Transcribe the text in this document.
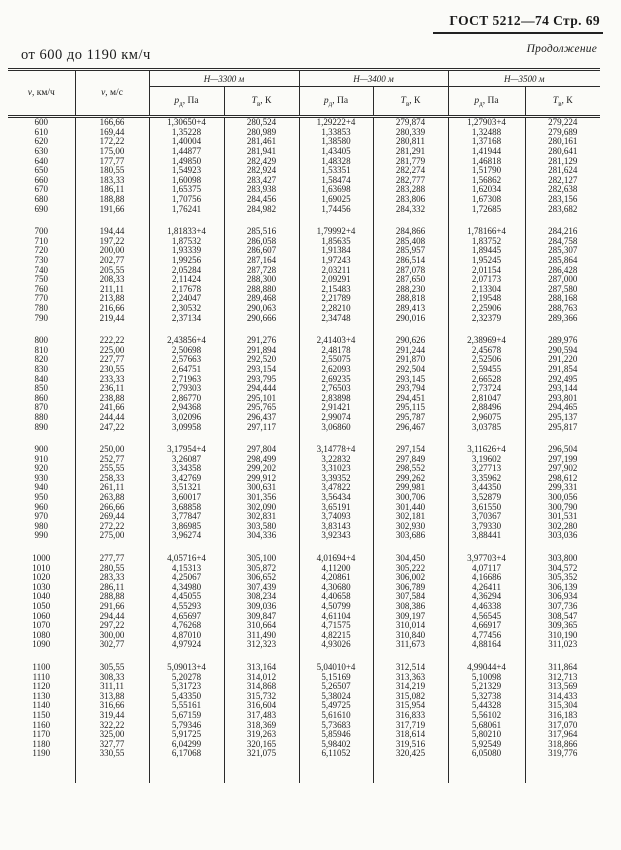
ГОСТ 5212—74 Стр. 69
Продолжение
от 600 до 1190 км/ч
v, км/ч	v, м/с	Н—3300 м		Н—3400 м		Н—3500 м	
		$р_д$, Па	$Т_в$, К	$р_д$, Па	$Т_в$, К	$р_д$, Па	$Т_в$, К
600	166,66	1,30650+4	280,524	1,29222+4	279,874	1,27903+4	279,224
610	169,44	1,35228	280,989	1,33853	280,339	1,32488	279,689
620	172,22	1,40004	281,461	1,38580	280,811	1,37168	280,161
630	175,00	1,44877	281,941	1,43405	281,291	1,41944	280,641
640	177,77	1,49850	282,429	1,48328	281,779	1,46818	281,129
650	180,55	1,54923	282,924	1,53351	282,274	1,51790	281,624
660	183,33	1,60098	283,427	1,58474	282,777	1,56862	282,127
670	186,11	1,65375	283,938	1,63698	283,288	1,62034	282,638
680	188,88	1,70756	284,456	1,69025	283,806	1,67308	283,156
690	191,66	1,76241	284,982	1,74456	284,332	1,72685	283,682

700	194,44	1,81833+4	285,516	1,79992+4	284,866	1,78166+4	284,216
710	197,22	1,87532	286,058	1,85635	285,408	1,83752	284,758
720	200,00	1,93339	286,607	1,91384	285,957	1,89445	285,307
730	202,77	1,99256	287,164	1,97243	286,514	1,95245	285,864
740	205,55	2,05284	287,728	2,03211	287,078	2,01154	286,428
750	208,33	2,11424	288,300	2,09291	287,650	2,07173	287,000
760	211,11	2,17678	288,880	2,15483	288,230	2,13304	287,580
770	213,88	2,24047	289,468	2,21789	288,818	2,19548	288,168
780	216,66	2,30532	290,063	2,28210	289,413	2,25906	288,763
790	219,44	2,37134	290,666	2,34748	290,016	2,32379	289,366

800	222,22	2,43856+4	291,276	2,41403+4	290,626	2,38969+4	289,976
810	225,00	2,50698	291,894	2,48178	291,244	2,45678	290,594
820	227,77	2,57663	292,520	2,55075	291,870	2,52506	291,220
830	230,55	2,64751	293,154	2,62093	292,504	2,59455	291,854
840	233,33	2,71963	293,795	2,69235	293,145	2,66528	292,495
850	236,11	2,79303	294,444	2,76503	293,794	2,73724	293,144
860	238,88	2,86770	295,101	2,83898	294,451	2,81047	293,801
870	241,66	2,94368	295,765	2,91421	295,115	2,88496	294,465
880	244,44	3,02096	296,437	2,99074	295,787	2,96075	295,137
890	247,22	3,09958	297,117	3,06860	296,467	3,03785	295,817

900	250,00	3,17954+4	297,804	3,14778+4	297,154	3,11626+4	296,504
910	252,77	3,26087	298,499	3,22832	297,849	3,19602	297,199
920	255,55	3,34358	299,202	3,31023	298,552	3,27713	297,902
930	258,33	3,42769	299,912	3,39352	299,262	3,35962	298,612
940	261,11	3,51321	300,631	3,47822	299,981	3,44350	299,331
950	263,88	3,60017	301,356	3,56434	300,706	3,52879	300,056
960	266,66	3,68858	302,090	3,65191	301,440	3,61550	300,790
970	269,44	3,77847	302,831	3,74093	302,181	3,70367	301,531
980	272,22	3,86985	303,580	3,83143	302,930	3,79330	302,280
990	275,00	3,96274	304,336	3,92343	303,686	3,88441	303,036

1000	277,77	4,05716+4	305,100	4,01694+4	304,450	3,97703+4	303,800
1010	280,55	4,15313	305,872	4,11200	305,222	4,07117	304,572
1020	283,33	4,25067	306,652	4,20861	306,002	4,16686	305,352
1030	286,11	4,34980	307,439	4,30680	306,789	4,26411	306,139
1040	288,88	4,45055	308,234	4,40658	307,584	4,36294	306,934
1050	291,66	4,55293	309,036	4,50799	308,386	4,46338	307,736
1060	294,44	4,65697	309,847	4,61104	309,197	4,56545	308,547
1070	297,22	4,76268	310,664	4,71575	310,014	4,66917	309,365
1080	300,00	4,87010	311,490	4,82215	310,840	4,77456	310,190
1090	302,77	4,97924	312,323	4,93026	311,673	4,88164	311,023

1100	305,55	5,09013+4	313,164	5,04010+4	312,514	4,99044+4	311,864
1110	308,33	5,20278	314,012	5,15169	313,363	5,10098	312,713
1120	311,11	5,31723	314,868	5,26507	314,219	5,21329	313,569
1130	313,88	5,43350	315,732	5,38024	315,082	5,32738	314,433
1140	316,66	5,55161	316,604	5,49725	315,954	5,44328	315,304
1150	319,44	5,67159	317,483	5,61610	316,833	5,56102	316,183
1160	322,22	5,79346	318,369	5,73683	317,719	5,68061	317,070
1170	325,00	5,91725	319,263	5,85946	318,614	5,80210	317,964
1180	327,77	6,04299	320,165	5,98402	319,516	5,92549	318,866
1190	330,55	6,17068	321,075	6,11052	320,425	6,05080	319,776
